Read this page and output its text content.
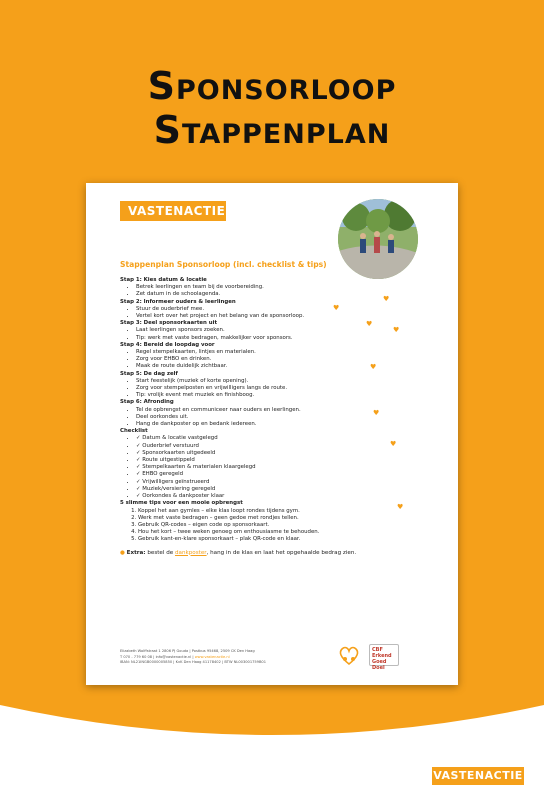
Sponsorloop
Stappenplan
VASTENACTIE
Stappenplan Sponsorloop (incl. checklist & tips)
Stap 1: Kies datum & locatie
• Betrek leerlingen en team bij de voorbereiding.
• Zet datum in de schoolagenda.
Stap 2: Informeer ouders & leerlingen
• Stuur de ouderbrief mee.
• Vertel kort over het project en het belang van de sponsorloop.
Stap 3: Deel sponsorkaarten uit
• Laat leerlingen sponsors zoeken.
• Tip: werk met vaste bedragen, makkelijker voor sponsors.
Stap 4: Bereid de loopdag voor
• Regel stempelkaarten, lintjes en materialen.
• Zorg voor EHBO en drinken.
• Maak de route duidelijk zichtbaar.
Stap 5: De dag zelf
• Start feestelijk (muziek of korte opening).
• Zorg voor stempelposten en vrijwilligers langs de route.
• Tip: vrolijk event met muziek en finishboog.
Stap 6: Afronding
• Tel de opbrengst en communiceer naar ouders en leerlingen.
• Deel oorkondes uit.
• Hang de dankposter op en bedank iedereen.
Checklist
• ✓ Datum & locatie vastgelegd
• ✓ Ouderbrief verstuurd
• ✓ Sponsorkaarten uitgedeeld
• ✓ Route uitgestippeld
• ✓ Stempelkaarten & materialen klaargelegd
• ✓ EHBO geregeld
• ✓ Vrijwilligers geïnstrueerd
• ✓ Muziek/versiering geregeld
• ✓ Oorkondes & dankposter klaar
5 slimme tips voor een mooie opbrengst
1. Koppel het aan gymles – elke klas loopt rondes tijdens gym.
2. Werk met vaste bedragen – geen gedoe met rondjes tellen.
3. Gebruik QR-codes – eigen code op sponsorkaart.
4. Hou het kort – twee weken genoeg om enthousiasme te behouden.
5. Gebruik kant-en-klare sponsorkaart – plak QR-code en klaar.
● Extra: bestel de dankposter, hang in de klas en laat het opgehaalde bedrag zien.
♥
♥
♥
♥
♥
♥
♥
♥
Elizabeth Wolffstraat 1 2806 PJ Gouda | Postbus 95468, 2509 CK Den Haag
T 070 - 779 60 08 | info@vastenactie.nl | www.vastenactie.nl
IBAN: NL21INGB0000005850 | KvK Den Haag 41178402 | BTW NL003001759B01
CBF Erkend Goed Doel
VASTENACTIE
